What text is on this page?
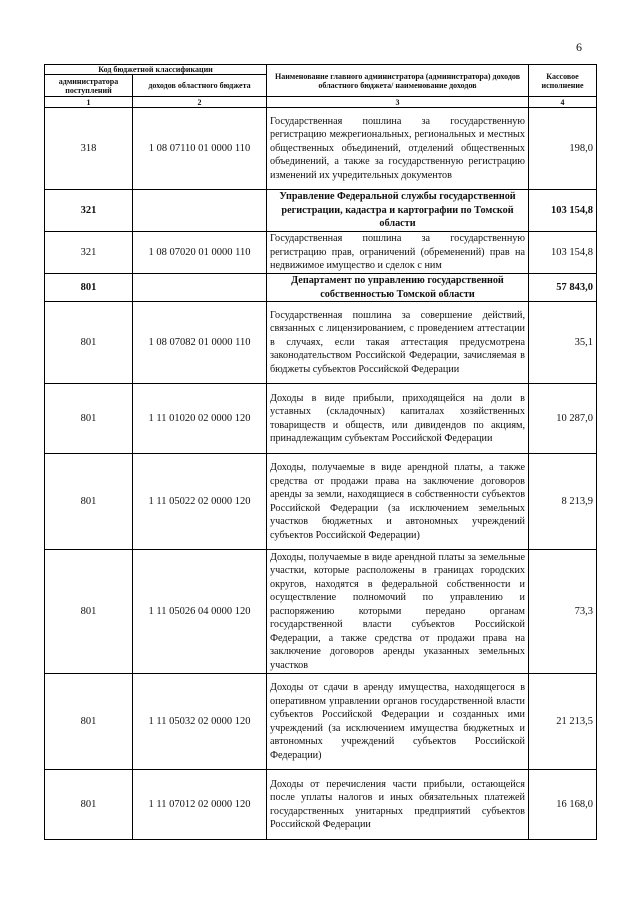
6
Код бюджетной классификации		Наименование главного администратора (администратора) доходов областного бюджета/ наименование доходов	Кассовое исполнение
администратора поступлений	доходов областного бюджета		
1	2	3	4
318	1 08 07110 01 0000 110	Государственная пошлина за государственную регистрацию межрегиональных, региональных и местных общественных объединений, отделений общественных объединений, а также за государственную регистрацию изменений их учредительных документов	198,0
321		Управление Федеральной службы государственной регистрации, кадастра и картографии по Томской области	103 154,8
321	1 08 07020 01 0000 110	Государственная пошлина за государственную регистрацию прав, ограничений (обременений) прав на недвижимое имущество и сделок с ним	103 154,8
801		Департамент по управлению государственной собственностью Томской области	57 843,0
801	1 08 07082 01 0000 110	Государственная пошлина за совершение действий, связанных с лицензированием, с проведением аттестации в случаях, если такая аттестация предусмотрена законодательством Российской Федерации, зачисляемая в бюджеты субъектов Российской Федерации	35,1
801	1 11 01020 02 0000 120	Доходы в виде прибыли, приходящейся на доли в уставных (складочных) капиталах хозяйственных товариществ и обществ, или дивидендов по акциям, принадлежащим субъектам Российской Федерации	10 287,0
801	1 11 05022 02 0000 120	Доходы, получаемые в виде арендной платы, а также средства от продажи права на заключение договоров аренды за земли, находящиеся в собственности субъектов Российской Федерации (за исключением земельных участков бюджетных и автономных учреждений субъектов Российской Федерации)	8 213,9
801	1 11 05026 04 0000 120	Доходы, получаемые в виде арендной платы за земельные участки, которые расположены в границах городских округов, находятся в федеральной собственности и осуществление полномочий по управлению и распоряжению которыми передано органам государственной власти субъектов Российской Федерации, а также средства от продажи права на заключение договоров аренды указанных земельных участков	73,3
801	1 11 05032 02 0000 120	Доходы от сдачи в аренду имущества, находящегося в оперативном управлении органов государственной власти субъектов Российской Федерации и созданных ими учреждений (за исключением имущества бюджетных и автономных учреждений субъектов Российской Федерации)	21 213,5
801	1 11 07012 02 0000 120	Доходы от перечисления части прибыли, остающейся после уплаты налогов и иных обязательных платежей государственных унитарных предприятий субъектов Российской Федерации	16 168,0
